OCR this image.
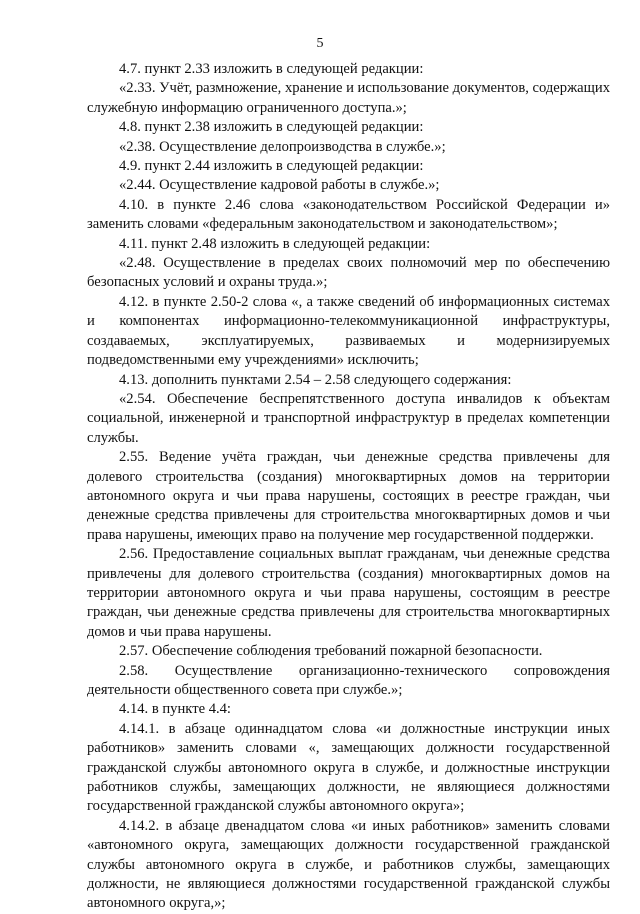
5

4.7. пункт 2.33 изложить в следующей редакции:

«2.33. Учёт, размножение, хранение и использование документов, содержащих служебную информацию ограниченного доступа.»;

4.8. пункт 2.38 изложить в следующей редакции:

«2.38. Осуществление делопроизводства в службе.»;

4.9. пункт 2.44 изложить в следующей редакции:

«2.44. Осуществление кадровой работы в службе.»;

4.10. в пункте 2.46 слова «законодательством Российской Федерации и» заменить словами «федеральным законодательством и законодательством»;

4.11. пункт 2.48 изложить в следующей редакции:

«2.48. Осуществление в пределах своих полномочий мер по обеспечению безопасных условий и охраны труда.»;

4.12. в пункте 2.50-2 слова «, а также сведений об информационных системах и компонентах информационно-телекоммуникационной инфраструктуры, создаваемых, эксплуатируемых, развиваемых и модернизируемых подведомственными ему учреждениями» исключить;

4.13. дополнить пунктами 2.54 – 2.58 следующего содержания:

«2.54. Обеспечение беспрепятственного доступа инвалидов к объектам социальной, инженерной и транспортной инфраструктур в пределах компетенции службы.

2.55. Ведение учёта граждан, чьи денежные средства привлечены для долевого строительства (создания) многоквартирных домов на территории автономного округа и чьи права нарушены, состоящих в реестре граждан, чьи денежные средства привлечены для строительства многоквартирных домов и чьи права нарушены, имеющих право на получение мер государственной поддержки.

2.56. Предоставление социальных выплат гражданам, чьи денежные средства привлечены для долевого строительства (создания) многоквартирных домов на территории автономного округа и чьи права нарушены, состоящим в реестре граждан, чьи денежные средства привлечены для строительства многоквартирных домов и чьи права нарушены.

2.57. Обеспечение соблюдения требований пожарной безопасности.

2.58. Осуществление организационно-технического сопровождения деятельности общественного совета при службе.»;

4.14. в пункте 4.4:

4.14.1. в абзаце одиннадцатом слова «и должностные инструкции иных работников» заменить словами «, замещающих должности государственной гражданской службы автономного округа в службе, и должностные инструкции работников службы, замещающих должности, не являющиеся должностями государственной гражданской службы автономного округа»;

4.14.2. в абзаце двенадцатом слова «и иных работников» заменить словами «автономного округа, замещающих должности государственной гражданской службы автономного округа в службе, и работников службы, замещающих должности, не являющиеся должностями государственной гражданской службы автономного округа,»;
